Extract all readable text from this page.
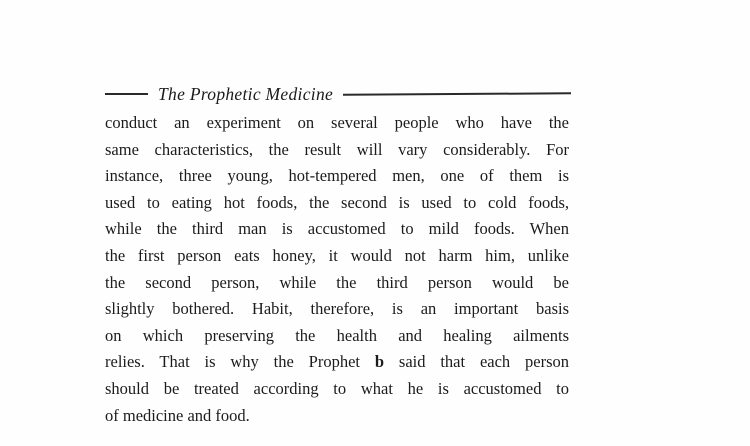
The Prophetic Medicine
conduct an experiment on several people who have the
same characteristics, the result will vary considerably. For
instance, three young, hot-tempered men, one of them is
used to eating hot foods, the second is used to cold foods,
while the third man is accustomed to mild foods. When
the first person eats honey, it would not harm him, unlike
the second person, while the third person would be
slightly bothered. Habit, therefore, is an important basis
on which preserving the health and healing ailments
relies. That is why the Prophet b said that each person
should be treated according to what he is accustomed to
of medicine and food.
